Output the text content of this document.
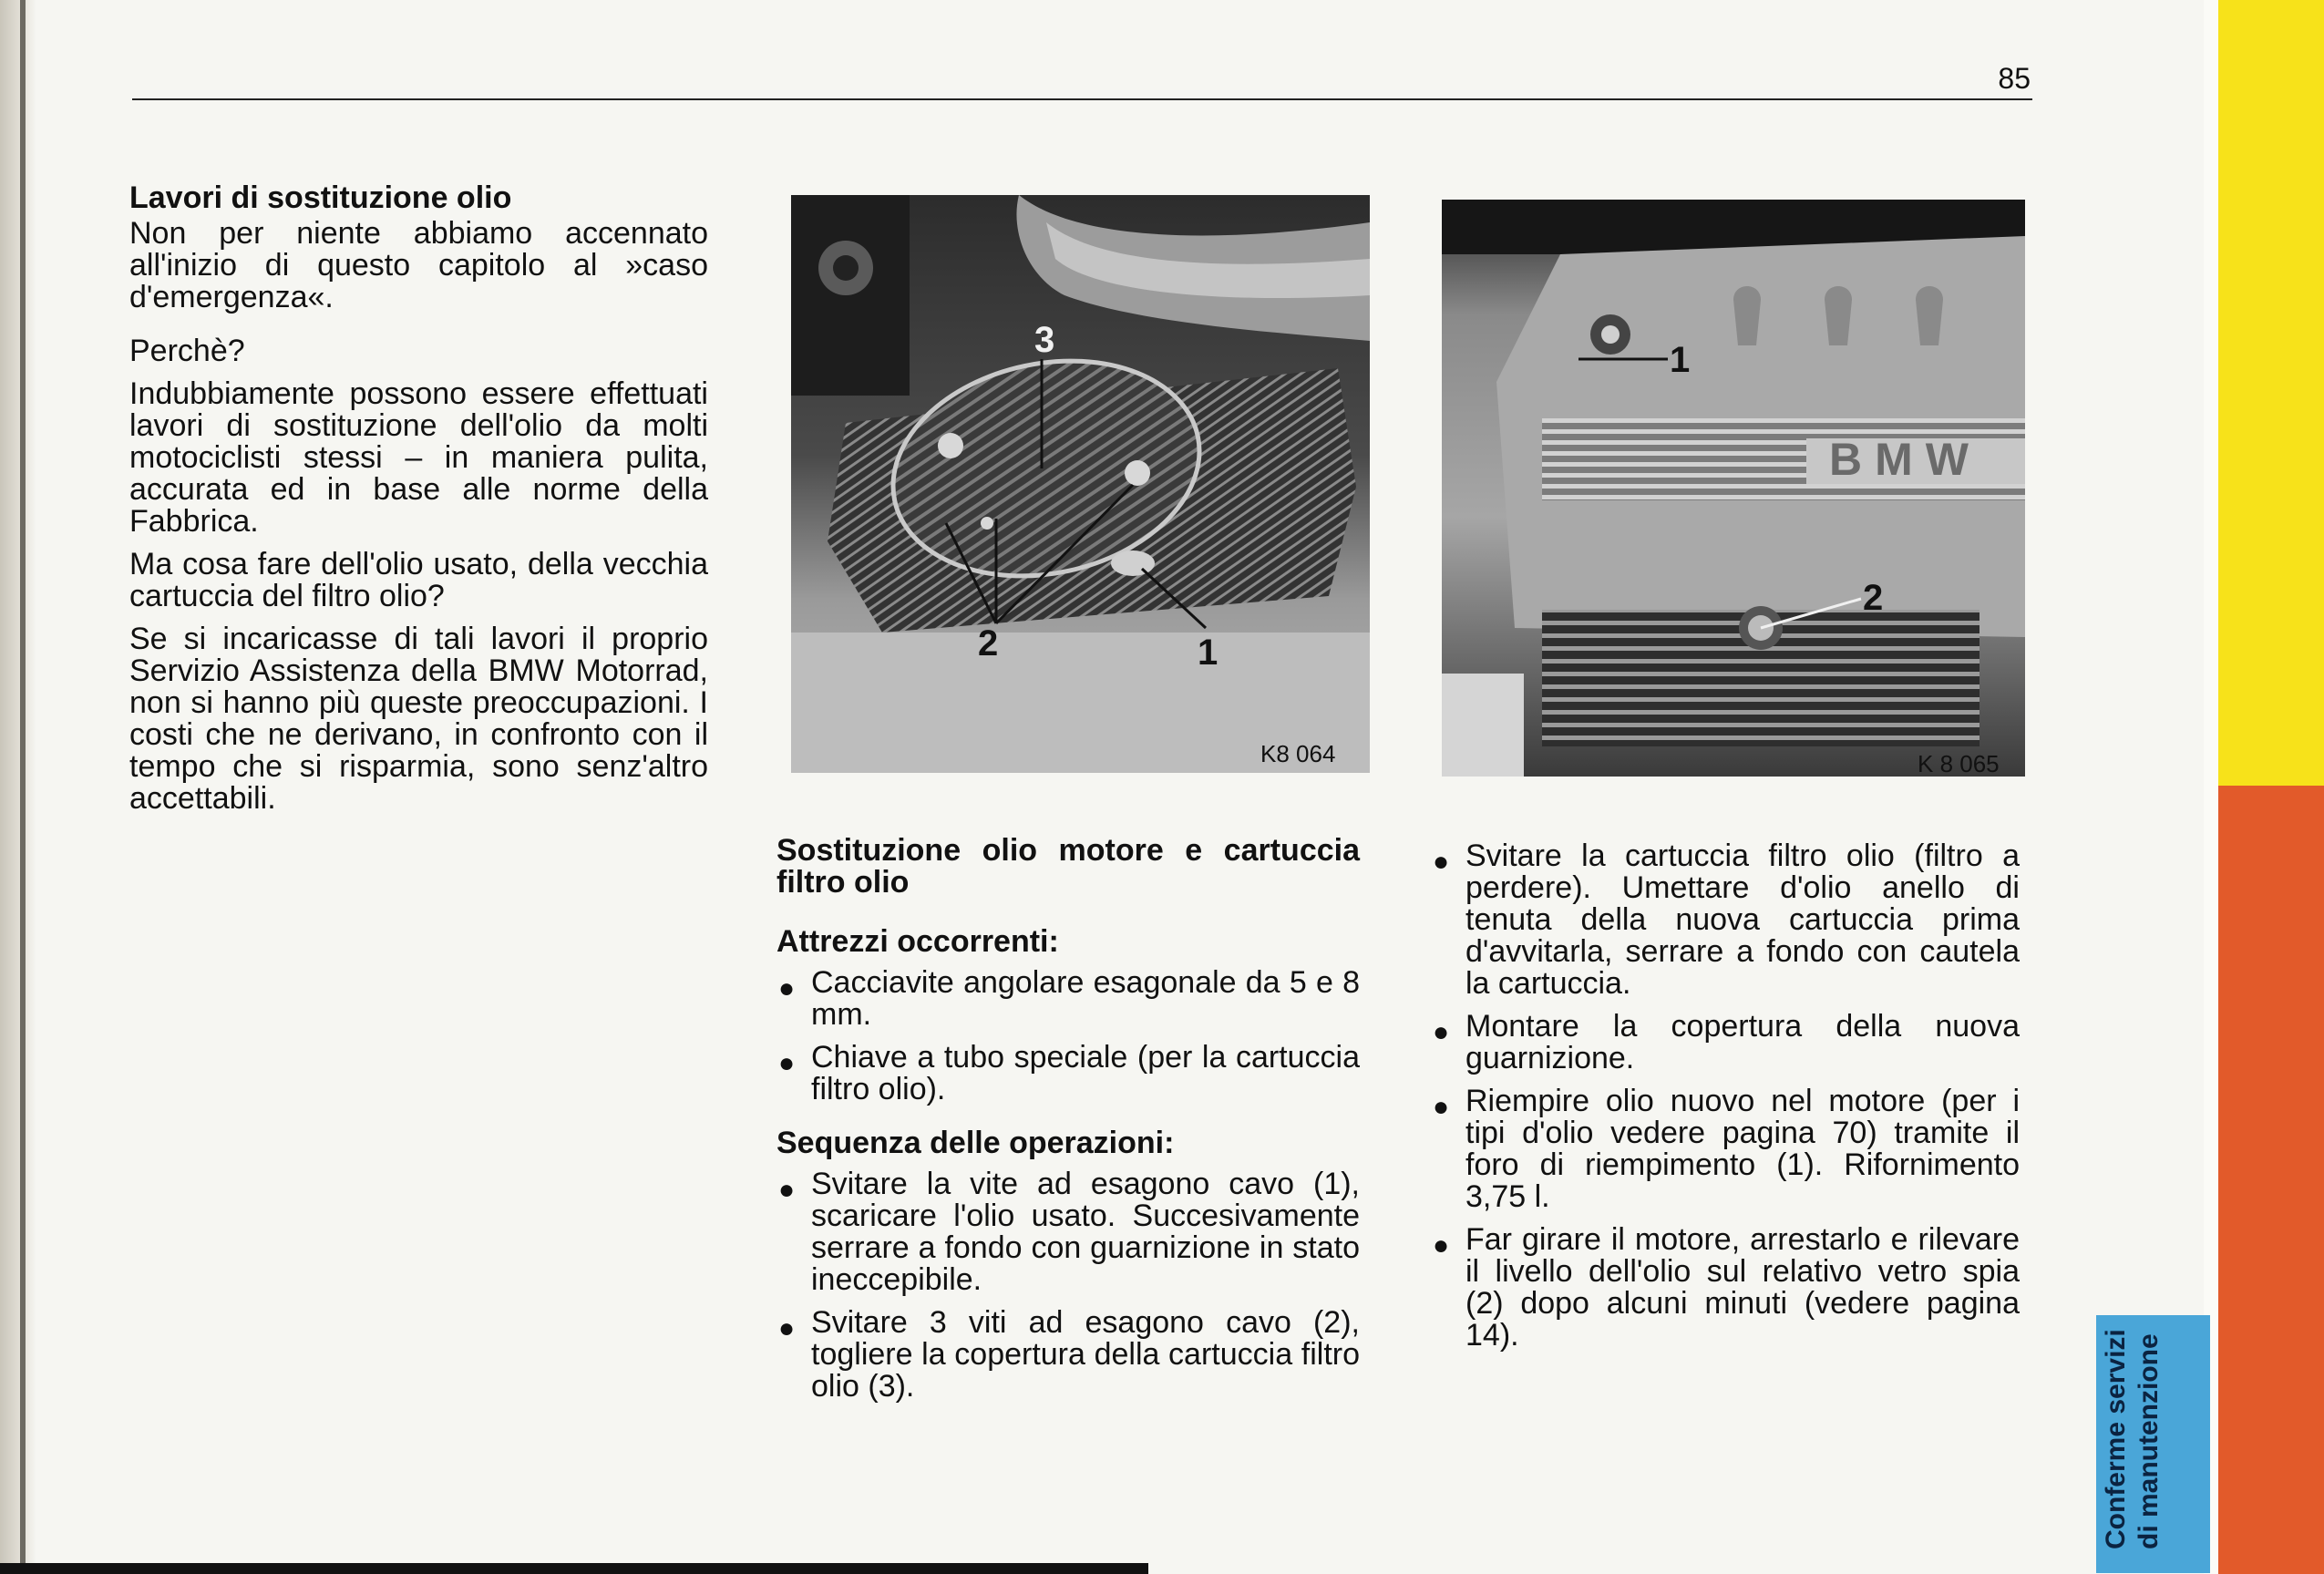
85
Lavori di sostituzione olio

Non per niente abbiamo accennato all'inizio di questo capitolo al »caso d'emergenza«.

Perchè?

Indubbiamente possono essere effettuati lavori di sostituzione dell'olio da molti motociclisti stessi – in maniera pulita, accurata ed in base alle norme della Fabbrica.

Ma cosa fare dell'olio usato, della vecchia cartuccia del filtro olio?

Se si incaricasse di tali lavori il proprio Servizio Assistenza della BMW Motorrad, non si hanno più queste preoccupazioni. I costi che ne derivano, in confronto con il tempo che si risparmia, sono senz'altro accettabili.

3
2	1
K8 064
BMW
1
2
K 8 065
Sostituzione olio motore e cartuccia filtro olio
Attrezzi occorrenti:
● Cacciavite angolare esagonale da 5 e 8 mm.
● Chiave a tubo speciale (per la cartuccia filtro olio).
Sequenza delle operazioni:
● Svitare la vite ad esagono cavo (1), scaricare l'olio usato. Succesivamente serrare a fondo con guarnizione in stato ineccepibile.
● Svitare 3 viti ad esagono cavo (2), togliere la copertura della cartuccia filtro olio (3).
● Svitare la cartuccia filtro olio (filtro a perdere). Umettare d'olio anello di tenuta della nuova cartuccia prima d'avvitarla, serrare a fondo con cautela la cartuccia.
● Montare la copertura della nuova guarnizione.
● Riempire olio nuovo nel motore (per i tipi d'olio vedere pagina 70) tramite il foro di riempimento (1). Rifornimento 3,75 l.
● Far girare il motore, arrestarlo e rilevare il livello dell'olio sul relativo vetro spia (2) dopo alcuni minuti (vedere pagina 14).	Conferme servizi di manutenzione
